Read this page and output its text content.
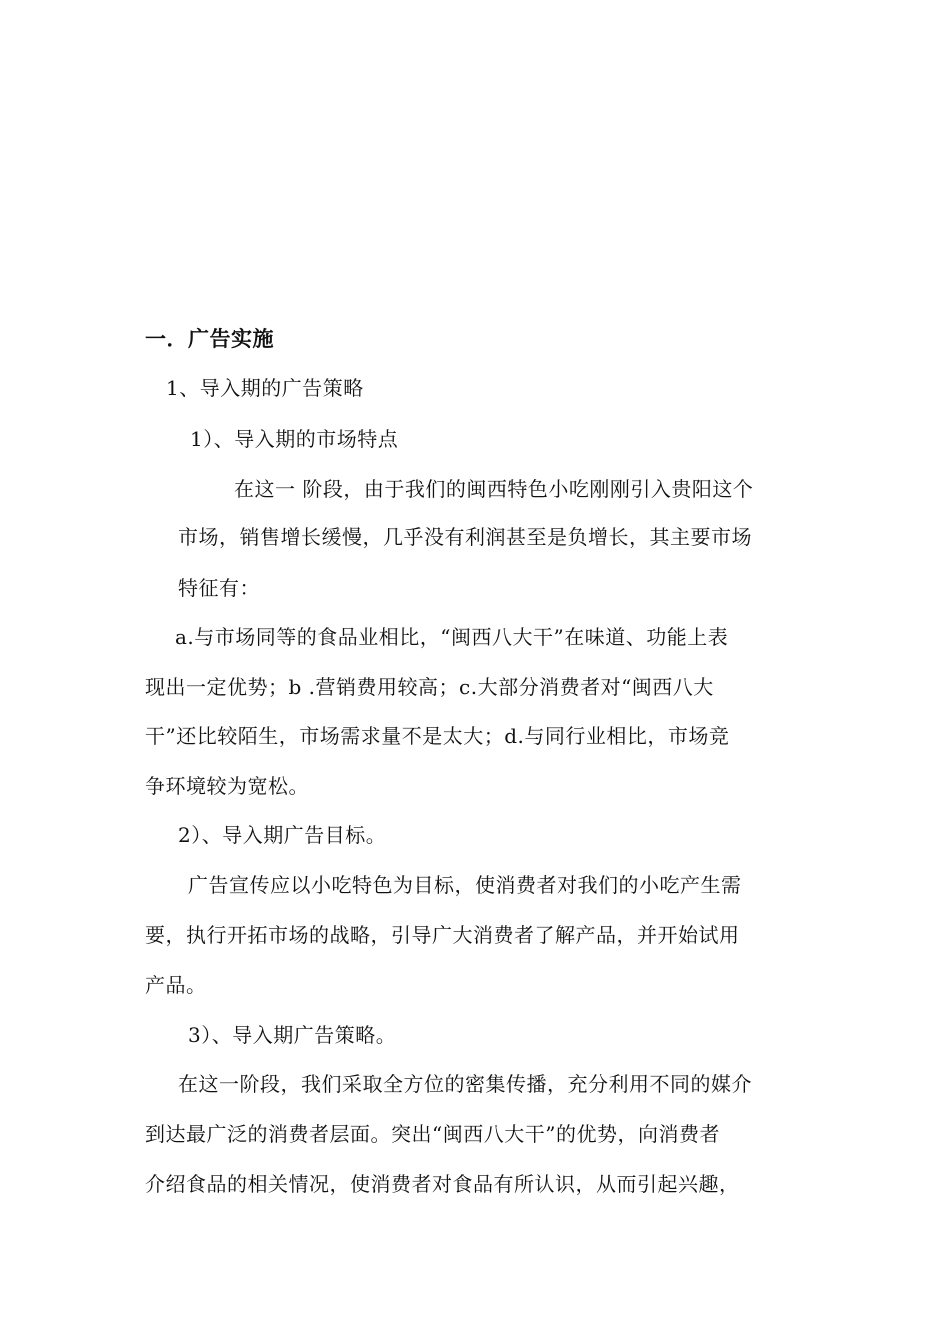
一．广告实施
1、导入期的广告策略
1）、导入期的市场特点
在这一 阶段，由于我们的闽西特色小吃刚刚引入贵阳这个
市场，销售增长缓慢，几乎没有利润甚至是负增长，其主要市场
特征有：
a.与市场同等的食品业相比，“闽西八大干”在味道、功能上表
现出一定优势；b .营销费用较高；c.大部分消费者对“闽西八大
干”还比较陌生，市场需求量不是太大；d.与同行业相比，市场竞
争环境较为宽松。
2）、导入期广告目标。
广告宣传应以小吃特色为目标，使消费者对我们的小吃产生需
要，执行开拓市场的战略，引导广大消费者了解产品，并开始试用
产品。
3）、导入期广告策略。
在这一阶段，我们采取全方位的密集传播，充分利用不同的媒介
到达最广泛的消费者层面。突出“闽西八大干”的优势，向消费者
介绍食品的相关情况，使消费者对食品有所认识，从而引起兴趣，
